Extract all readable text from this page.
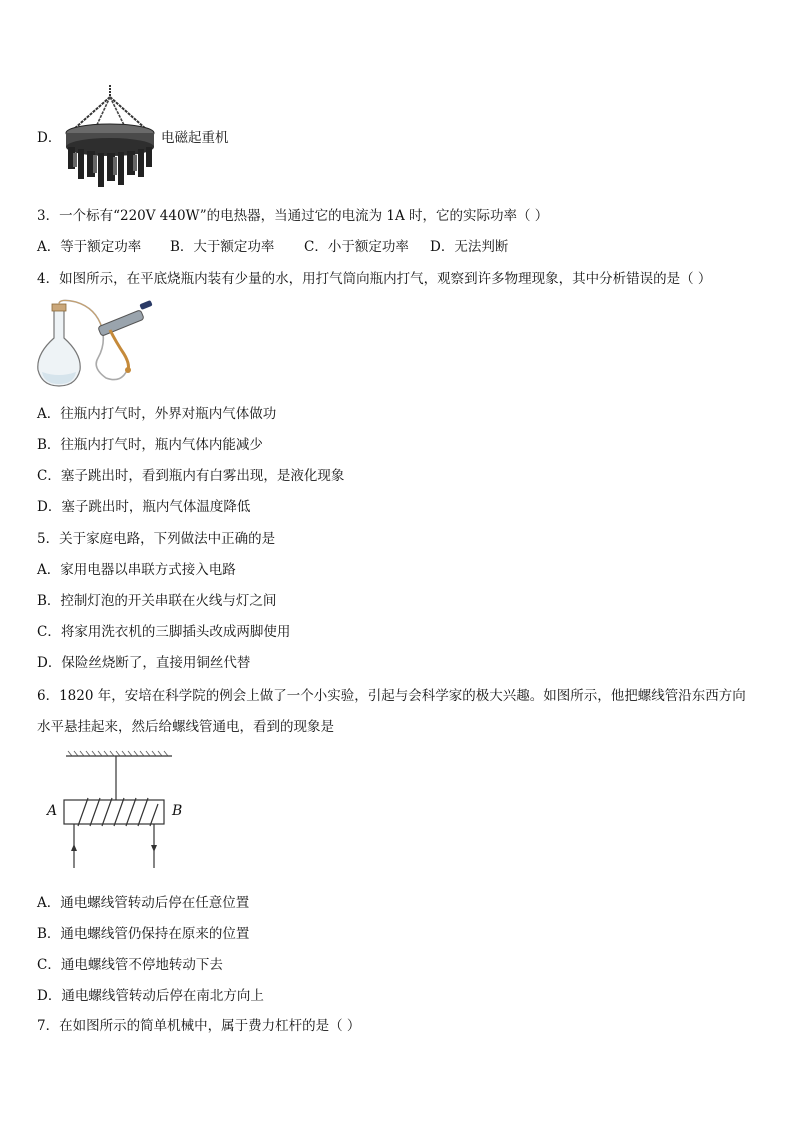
D．	电磁起重机
3．一个标有“220V 440W”的电热器，当通过它的电流为 1A 时，它的实际功率（ ）
A．等于额定功率 B．大于额定功率 C．小于额定功率 D．无法判断
4．如图所示，在平底烧瓶内装有少量的水，用打气筒向瓶内打气，观察到许多物理现象，其中分析错误的是（ ）
A．往瓶内打气时，外界对瓶内气体做功
B．往瓶内打气时，瓶内气体内能减少
C．塞子跳出时，看到瓶内有白雾出现，是液化现象
D．塞子跳出时，瓶内气体温度降低
5．关于家庭电路，下列做法中正确的是
A．家用电器以串联方式接入电路
B．控制灯泡的开关串联在火线与灯之间
C．将家用洗衣机的三脚插头改成两脚使用
D．保险丝烧断了，直接用铜丝代替
6．1820 年，安培在科学院的例会上做了一个小实验，引起与会科学家的极大兴趣。如图所示，他把螺线管沿东西方向
水平悬挂起来，然后给螺线管通电，看到的现象是
A	B
A．通电螺线管转动后停在任意位置
B．通电螺线管仍保持在原来的位置
C．通电螺线管不停地转动下去
D．通电螺线管转动后停在南北方向上
7．在如图所示的简单机械中，属于费力杠杆的是（ ）
